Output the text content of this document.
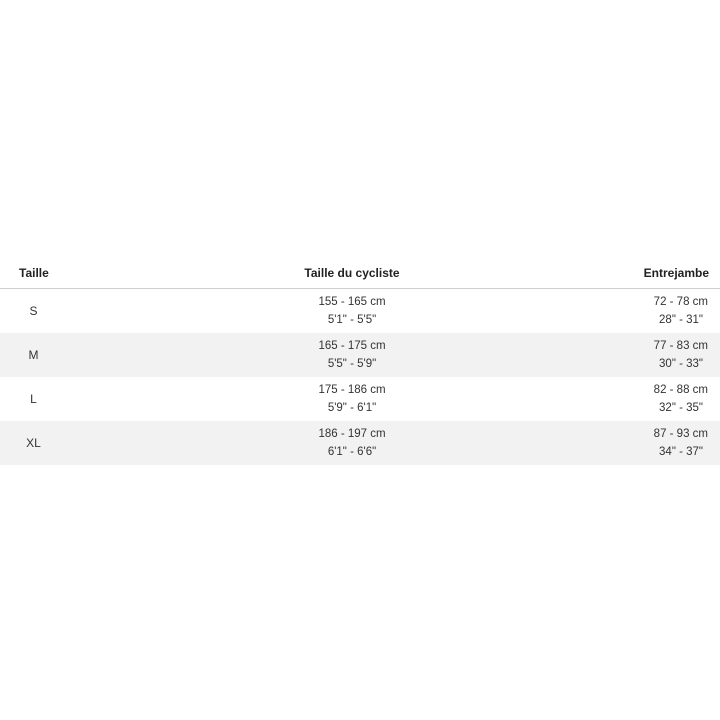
Taille	Taille du cycliste	Entrejambe
S
155 - 165 cm
5'1" - 5'5"
72 - 78 cm
28" - 31"
M
165 - 175 cm
5'5" - 5'9"
77 - 83 cm
30" - 33"
L
175 - 186 cm
5'9" - 6'1"
82 - 88 cm
32" - 35"
XL
186 - 197 cm
6'1" - 6'6"
87 - 93 cm
34" - 37"
